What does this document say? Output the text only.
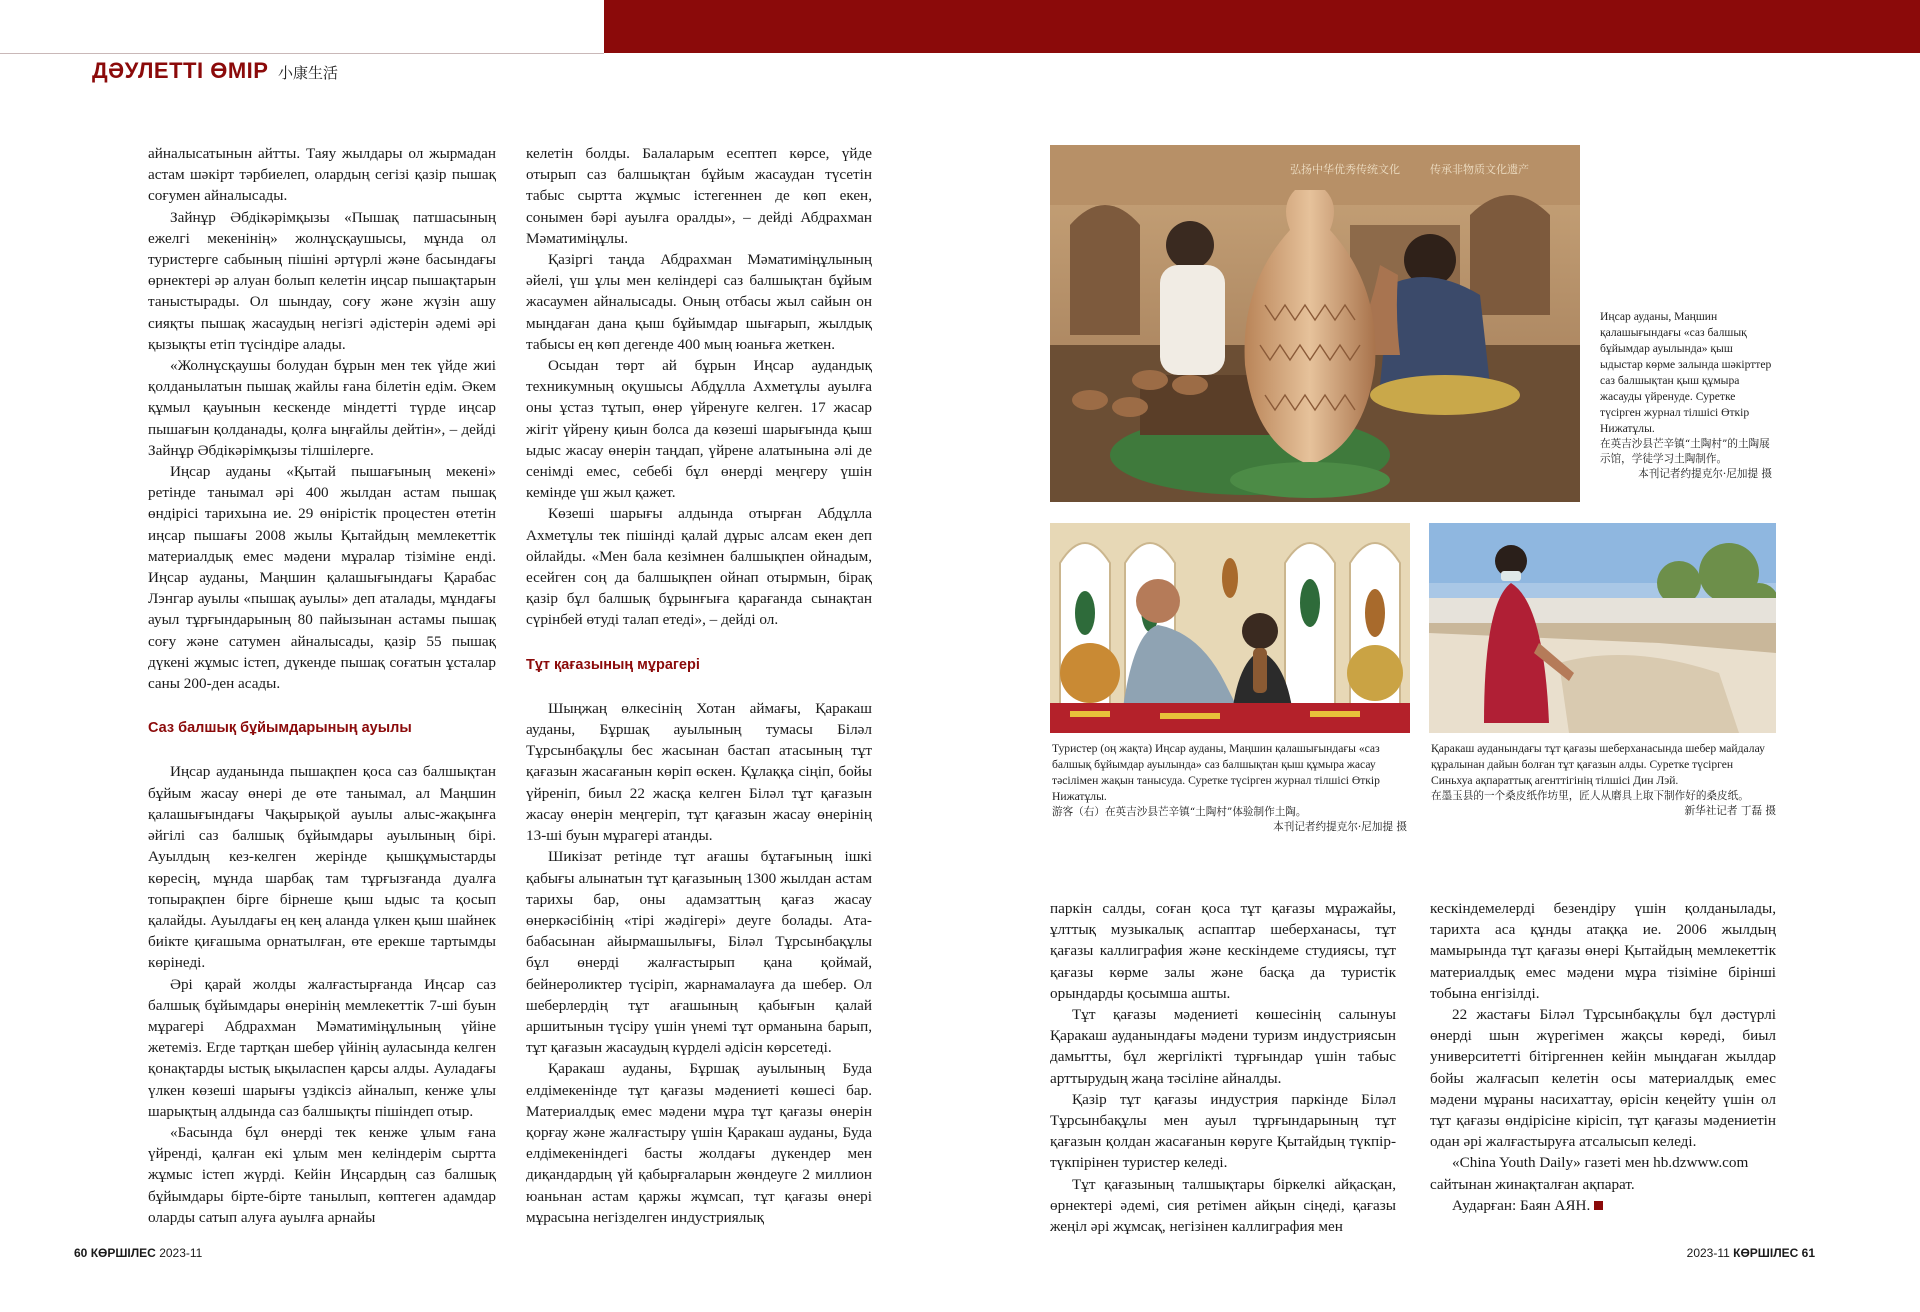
ДӘУЛЕТТІ ӨМІР 小康生活

айналысатынын айтты. Таяу жылдары ол жырмадан астам шәкірт тәрбиелеп, олардың сегізі қазір пышақ соғумен айналысады.

Зайнұр Әбдікәрімқызы «Пышақ патшасының ежелгі мекенінің» жолнұсқаушысы, мұнда ол туристерге сабының пішіні әртүрлі және басындағы өрнектері әр алуан болып келетін иңсар пышақтарын таныстырады. Ол шындау, соғу және жүзін ашу сияқты пышақ жасаудың негізгі әдістерін әдемі әрі қызықты етіп түсіндіре алады.

«Жолнұсқаушы болудан бұрын мен тек үйде жиі қолданылатын пышақ жайлы ғана білетін едім. Әкем құмыл қауынын кескенде міндетті түрде иңсар пышағын қолданады, қолға ыңғайлы дейтін», – дейді Зайнұр Әбдікәрімқызы тілшілерге.

Иңсар ауданы «Қытай пышағының мекені» ретінде танымал әрі 400 жылдан астам пышақ өндірісі тарихына ие. 29 өнірістік процестен өтетін иңсар пышағы 2008 жылы Қытайдың мемлекеттік материалдық емес мәдени мұралар тізіміне енді. Иңсар ауданы, Маңшин қалашығындағы Қарабас Лэнгар ауылы «пышақ ауылы» деп аталады, мұндағы ауыл тұрғындарының 80 пайызынан астамы пышақ соғу және сатумен айналысады, қазір 55 пышақ дүкені жұмыс істеп, дүкенде пышақ соғатын ұсталар саны 200-ден асады.

Саз балшық бұйымдарының ауылы

Иңсар ауданында пышақпен қоса саз балшықтан бұйым жасау өнері де өте танымал, ал Маңшин қалашығындағы Чақырықой ауылы алыс-жақынға әйгілі саз балшық бұйымдары ауылының бірі. Ауылдың кез-келген жерінде қышқұмыстарды көресің, мұнда шарбақ там тұрғызғанда дуалға топырақпен бірге бірнеше қыш ыдыс та қосып қалайды. Ауылдағы ең кең аланда үлкен қыш шайнек биікте қиғашыма орнатылған, өте ерекше тартымды көрінеді.

Әрі қарай жолды жалғастырғанда Иңсар саз балшық бұйымдары өнерінің мемлекеттік 7-ші буын мұрагері Абдрахман Мәматиміңұлының үйіне жетеміз. Егде тартқан шебер үйінің ауласында келген қонақтарды ыстық ықыласпен қарсы алды. Ауладағы үлкен көзеші шарығы үздіксіз айналып, кенже ұлы шарықтың алдында саз балшықты пішіндеп отыр.

«Басында бұл өнерді тек кенже ұлым ғана үйренді, қалған екі ұлым мен келіндерім сыртта жұмыс істеп жүрді. Кейін Иңсардың саз балшық бұйымдары бірте-бірте танылып, көптеген адамдар оларды сатып алуға ауылға арнайы

келетін болды. Балаларым есептеп көрсе, үйде отырып саз балшықтан бұйым жасаудан түсетін табыс сыртта жұмыс істегеннен де көп екен, сонымен бәрі ауылға оралды», – дейді Абдрахман Мәматиміңұлы.

Қазіргі таңда Абдрахман Мәматиміңұлының әйелі, үш ұлы мен келіндері саз балшықтан бұйым жасаумен айналысады. Оның отбасы жыл сайын он мыңдаған дана қыш бұйымдар шығарып, жылдық табысы ең көп дегенде 400 мың юаньға жеткен.

Осыдан төрт ай бұрын Иңсар аудандық техникумның оқушысы Абдұлла Ахметұлы ауылға оны ұстаз тұтып, өнер үйренуге келген. 17 жасар жігіт үйрену қиын болса да көзеші шарығында қыш ыдыс жасау өнерін таңдап, үйрене алатынына әлі де сенімді емес, себебі бұл өнерді меңгеру үшін кемінде үш жыл қажет.

Көзеші шарығы алдында отырған Абдұлла Ахметұлы тек пішінді қалай дұрыс алсам екен деп ойлайды. «Мен бала кезімнен балшықпен ойнадым, есейген соң да балшықпен ойнап отырмын, бірақ қазір бұл балшық бұрынғыға қарағанда сынақтан сүрінбей өтуді талап етеді», – дейді ол.

Тұт қағазының мұрагері

Шыңжаң өлкесінің Хотан аймағы, Қаракаш ауданы, Бұршақ ауылының тумасы Біләл Тұрсынбақұлы бес жасынан бастап атасының тұт қағазын жасағанын көріп өскен. Құлаққа сіңіп, бойы үйреніп, биыл 22 жасқа келген Біләл тұт қағазын жасау өнерін меңгеріп, тұт қағазын жасау өнерінің 13-ші буын мұрагері атанды.

Шикізат ретінде тұт ағашы бұтағының ішкі қабығы алынатын тұт қағазының 1300 жылдан астам тарихы бар, оны адамзаттың қағаз жасау өнеркәсібінің «тірі жәдігері» деуге болады. Ата-бабасынан айырмашылығы, Біләл Тұрсынбақұлы бұл өнерді жалғастырып қана қоймай, бейнероликтер түсіріп, жарнамалауға да шебер. Ол шеберлердің тұт ағашының қабығын қалай аршитынын түсіру үшін үнемі тұт орманына барып, тұт қағазын жасаудың күрделі әдісін көрсетеді.

Қаракаш ауданы, Бұршақ ауылының Буда елдімекенінде тұт қағазы мәдениеті көшесі бар. Материалдық емес мәдени мұра тұт қағазы өнерін қорғау және жалғастыру үшін Қаракаш ауданы, Буда елдімекеніндегі басты жолдағы дүкендер мен диқандардың үй қабырғаларын жөндеуге 2 миллион юаньнан астам қаржы жұмсап, тұт қағазы өнері мұрасына негізделген индустриялық

弘扬中华优秀传统文化	传承非物质文化遗产
Иңсар ауданы, Маңшин қалашығындағы «саз балшық бұйымдар ауылында» қыш ыдыстар көрме залында шәкірттер саз балшықтан қыш құмыра жасауды үйренуде. Суретке түсірген журнал тілшісі Өткір Нижатұлы.
在英吉沙县芒辛镇“土陶村”的土陶展示馆，学徒学习土陶制作。
本刊记者约提克尔·尼加提 摄
Туристер (оң жақта) Иңсар ауданы, Маңшин қалашығындағы «саз балшық бұйымдар ауылында» саз балшықтан қыш құмыра жасау тәсілімен жақын танысуда. Суретке түсірген журнал тілшісі Өткір Нижатұлы.
游客（右）在英吉沙县芒辛镇“土陶村”体验制作土陶。
本刊记者约提克尔·尼加提 摄
Қаракаш ауданындағы тұт қағазы шеберханасында шебер майдалау құралынан дайын болған тұт қағазын алды. Суретке түсірген Синьхуа ақпараттық агенттігінің тілшісі Дин Лэй.
在墨玉县的一个桑皮纸作坊里，匠人从磨具上取下制作好的桑皮纸。
新华社记者 丁磊 摄

паркін салды, соған қоса тұт қағазы мұражайы, ұлттық музыкалық аспаптар шеберханасы, тұт қағазы каллиграфия және кескіндеме студиясы, тұт қағазы көрме залы және басқа да туристік орындарды қосымша ашты.

Тұт қағазы мәдениеті көшесінің салынуы Қаракаш ауданындағы мәдени туризм индустриясын дамытты, бұл жергілікті тұрғындар үшін табыс арттырудың жаңа тәсіліне айналды.

Қазір тұт қағазы индустрия паркінде Біләл Тұрсынбақұлы мен ауыл тұрғындарының тұт қағазын қолдан жасағанын көруге Қытайдың түкпір-түкпірінен туристер келеді.

Тұт қағазының талшықтары біркелкі айқасқан, өрнектері әдемі, сия ретімен айқын сіңеді, қағазы жеңіл әрі жұмсақ, негізінен каллиграфия мен

кескіндемелерді безендіру үшін қолданылады, тарихта аса құнды атаққа ие. 2006 жылдың мамырында тұт қағазы өнері Қытайдың мемлекеттік материалдық емес мәдени мұра тізіміне бірінші тобына енгізілді.

22 жастағы Біләл Тұрсынбақұлы бұл дәстүрлі өнерді шын жүрегімен жақсы көреді, биыл университетті бітіргеннен кейін мыңдаған жылдар бойы жалғасып келетін осы материалдық емес мәдени мұраны насихаттау, өрісін кеңейту үшін ол тұт қағазы өндірісіне кірісіп, тұт қағазы мәдениетін одан әрі жалғастыруға атсалысып келеді.

«China Youth Daily» газеті мен hb.dzwww.com сайтынан жинақталған ақпарат.

Аударған: Баян АЯН.

60 КӨРШІЛЕС 2023-11	2023-11 КӨРШІЛЕС 61
